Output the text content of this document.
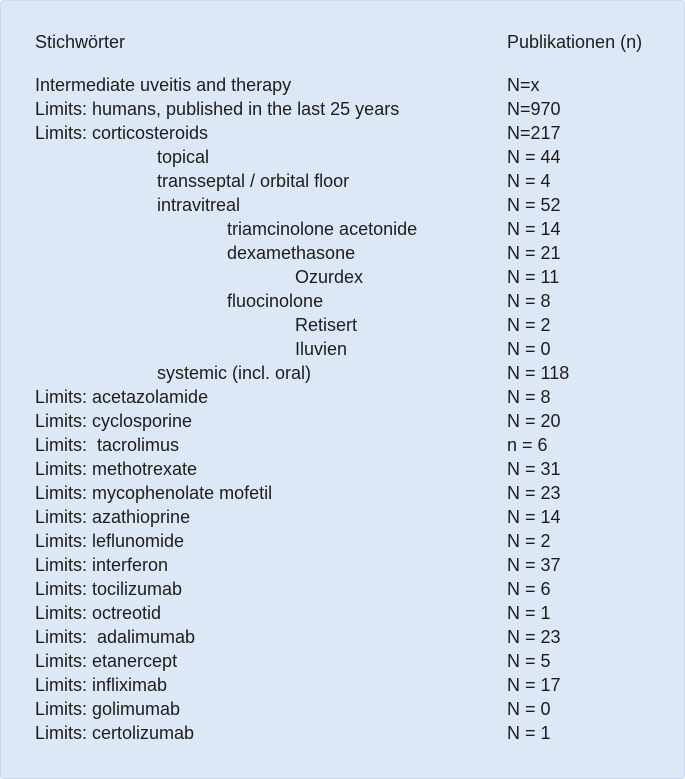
Stichwörter	Publikationen (n)
Intermediate uveitis and therapy	N=x
Limits: humans, published in the last 25 years	N=970
Limits: corticosteroids	N=217
topical	N = 44
transseptal / orbital floor	N = 4
intravitreal	N = 52
triamcinolone acetonide	N = 14
dexamethasone	N = 21
Ozurdex	N = 11
fluocinolone	N = 8
Retisert	N = 2
Iluvien	N = 0
systemic (incl. oral)	N = 118
Limits: acetazolamide	N = 8
Limits: cyclosporine	N = 20
Limits:  tacrolimus	n = 6
Limits: methotrexate	N = 31
Limits: mycophenolate mofetil	N = 23
Limits: azathioprine	N = 14
Limits: leflunomide	N = 2
Limits: interferon	N = 37
Limits: tocilizumab	N = 6
Limits: octreotid	N = 1
Limits:  adalimumab	N = 23
Limits: etanercept	N = 5
Limits: infliximab	N = 17
Limits: golimumab	N = 0
Limits: certolizumab	N = 1
